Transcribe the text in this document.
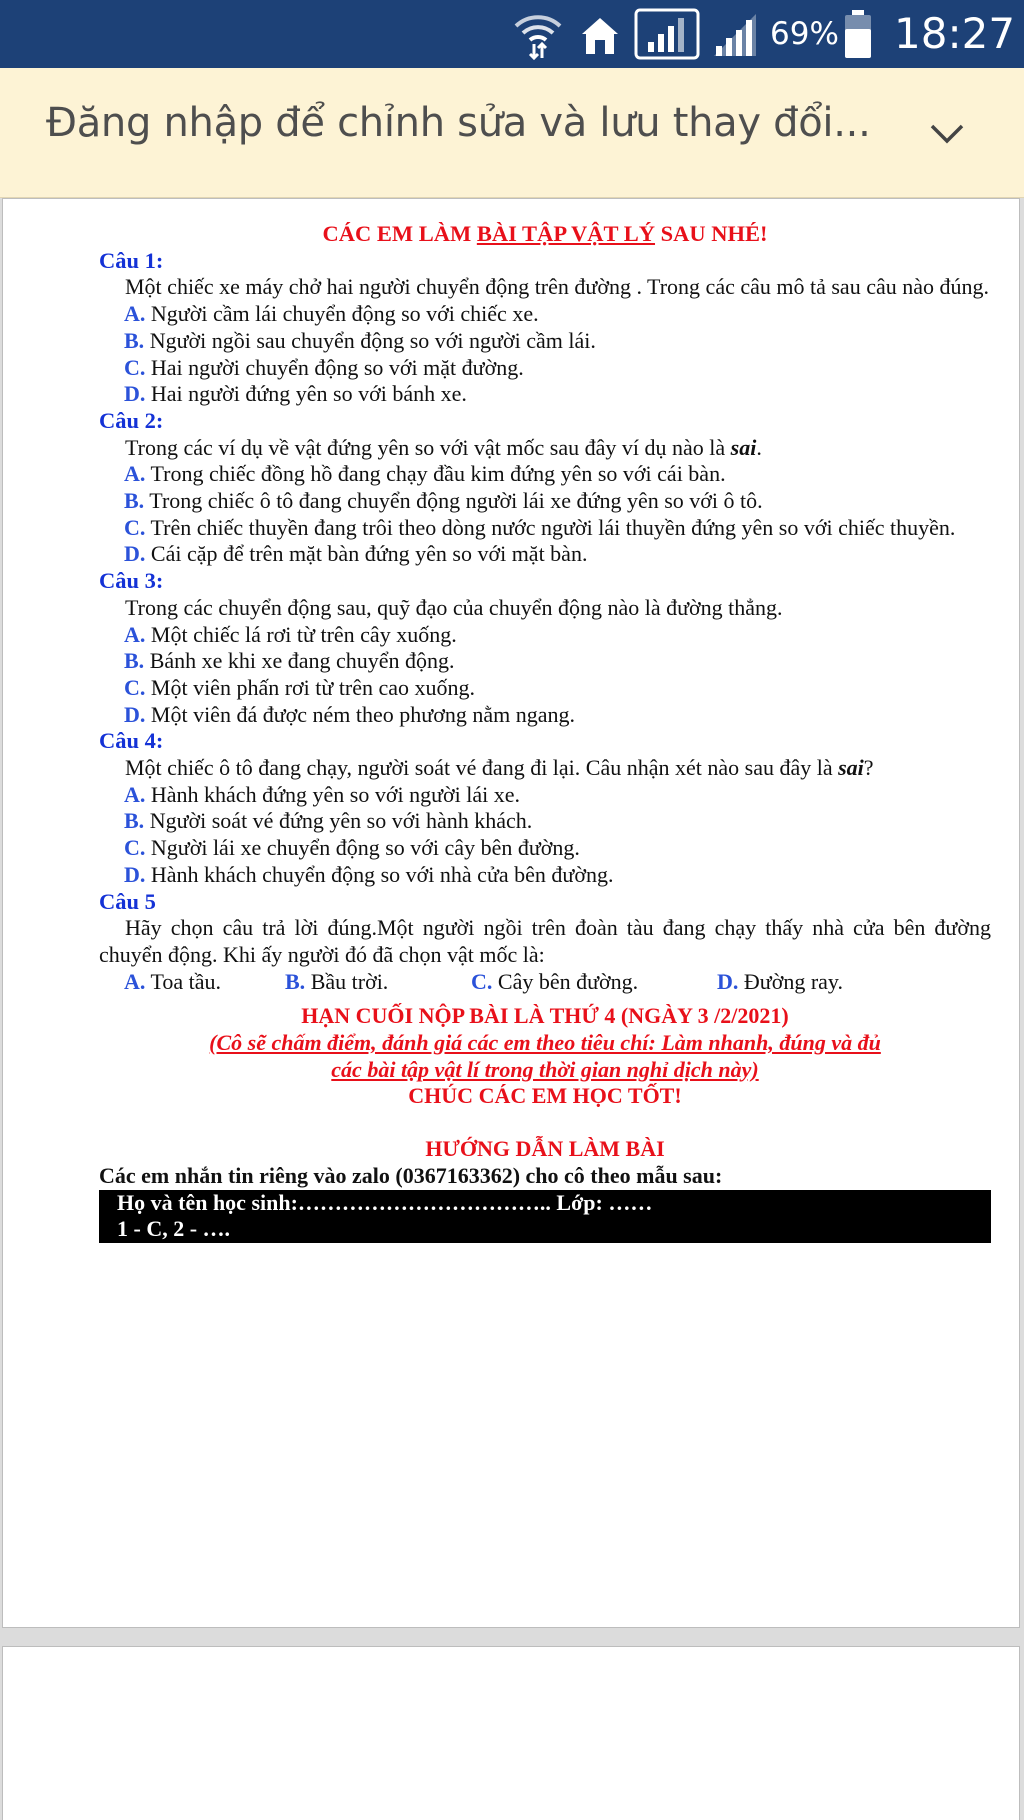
69% 18:27
Đăng nhập để chỉnh sửa và lưu thay đổi...

CÁC EM LÀM BÀI TẬP VẬT LÝ SAU NHÉ!

Câu 1:

Một chiếc xe máy chở hai người chuyển động trên đường . Trong các câu mô tả sau câu nào đúng.

A. Người cầm lái chuyển động so với chiếc xe.

B. Người ngồi sau chuyển động so với người cầm lái.

C. Hai người chuyển động so với mặt đường.

D. Hai người đứng yên so với bánh xe.

Câu 2:

Trong các ví dụ về vật đứng yên so với vật mốc sau đây ví dụ nào là sai.

A. Trong chiếc đồng hồ đang chạy đầu kim đứng yên so với cái bàn.

B. Trong chiếc ô tô đang chuyển động người lái xe đứng yên so với ô tô.

C. Trên chiếc thuyền đang trôi theo dòng nước người lái thuyền đứng yên so với chiếc thuyền.

D. Cái cặp để trên mặt bàn đứng yên so với mặt bàn.

Câu 3:

Trong các chuyển động sau, quỹ đạo của chuyển động nào là đường thẳng.

A. Một chiếc lá rơi từ trên cây xuống.

B. Bánh xe khi xe đang chuyển động.

C. Một viên phấn rơi từ trên cao xuống.

D. Một viên đá được ném theo phương nằm ngang.

Câu 4:

Một chiếc ô tô đang chạy, người soát vé đang đi lại. Câu nhận xét nào sau đây là sai?

A. Hành khách đứng yên so với người lái xe.

B. Người soát vé đứng yên so với hành khách.

C. Người lái xe chuyển động so với cây bên đường.

D. Hành khách chuyển động so với nhà cửa bên đường.

Câu 5

Hãy chọn câu trả lời đúng.Một người ngồi trên đoàn tàu đang chạy thấy nhà cửa bên đường chuyển động. Khi ấy người đó đã chọn vật mốc là:

A. Toa tầu.	B. Bầu trời.	C. Cây bên đường.	D. Đường ray.

HẠN CUỐI NỘP BÀI LÀ THỨ 4 (NGÀY 3 /2/2021)

(Cô sẽ chấm điểm, đánh giá các em theo tiêu chí: Làm nhanh, đúng và đủ

các bài tập vật lí trong thời gian nghỉ dịch này)

CHÚC CÁC EM HỌC TỐT!

HƯỚNG DẪN LÀM BÀI

Các em nhắn tin riêng vào zalo (0367163362) cho cô theo mẫu sau:

Họ và tên học sinh:…………………………….. Lớp: ……

1 - C, 2 - ….
